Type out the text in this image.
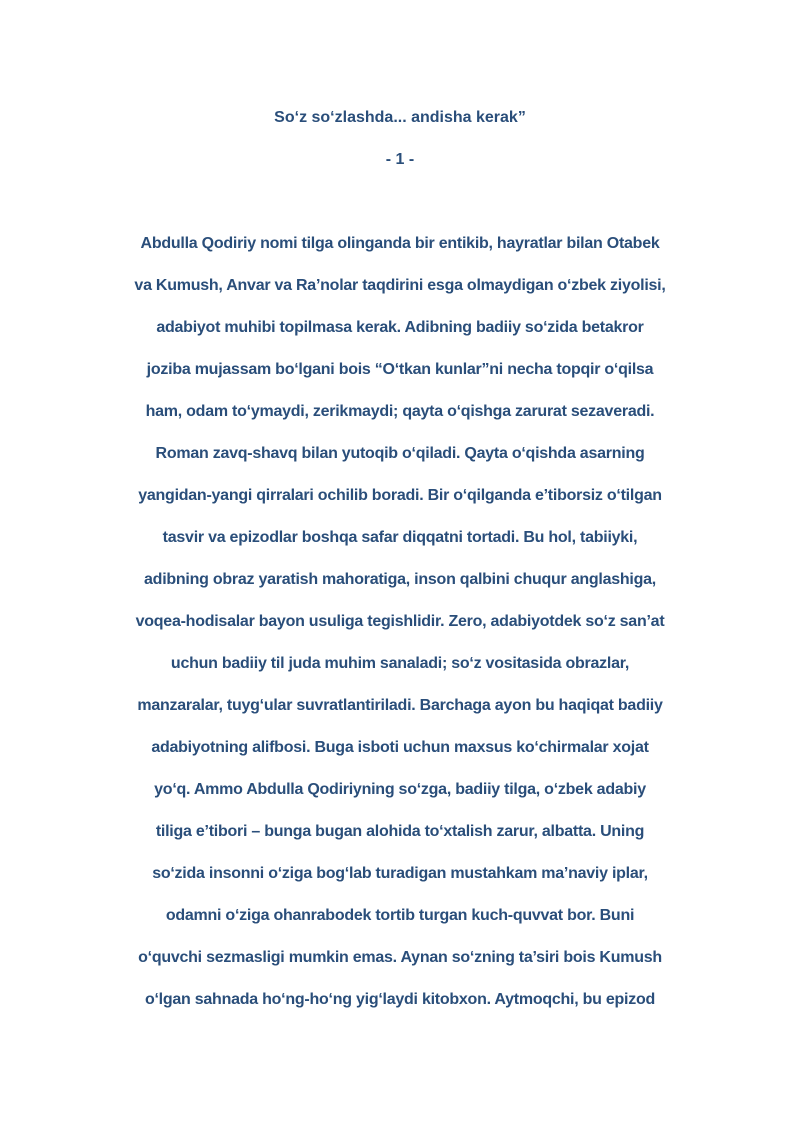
Soʻz soʻzlashda... andisha kerak”
- 1 -
Abdulla Qodiriy nomi tilga olinganda bir entikib, hayratlar bilan Otabek
va Kumush, Anvar va Ra’nolar taqdirini esga olmaydigan oʻzbek ziyolisi,
adabiyot muhibi topilmasa kerak. Adibning badiiy soʻzida betakror
joziba mujassam boʻlgani bois “Oʻtkan kunlar”ni necha topqir oʻqilsa
ham, odam toʻymaydi, zerikmaydi; qayta oʻqishga zarurat sezaveradi.
Roman zavq-shavq bilan yutoqib oʻqiladi. Qayta oʻqishda asarning
yangidan-yangi qirralari ochilib boradi. Bir oʻqilganda e’tiborsiz oʻtilgan
tasvir va epizodlar boshqa safar diqqatni tortadi. Bu hol, tabiiyki,
adibning obraz yaratish mahoratiga, inson qalbini chuqur anglashiga,
voqea-hodisalar bayon usuliga tegishlidir. Zero, adabiyotdek soʻz san’at
uchun badiiy til juda muhim sanaladi; soʻz vositasida obrazlar,
manzaralar, tuygʻular suvratlantiriladi. Barchaga ayon bu haqiqat badiiy
adabiyotning alifbosi. Buga isboti uchun maxsus koʻchirmalar xojat
yoʻq. Ammo Abdulla Qodiriyning soʻzga, badiiy tilga, oʻzbek adabiy
tiliga e’tibori – bunga bugan alohida toʻxtalish zarur, albatta. Uning
soʻzida insonni oʻziga bogʻlab turadigan mustahkam ma’naviy iplar,
odamni oʻziga ohanrabodek tortib turgan kuch-quvvat bor. Buni
oʻquvchi sezmasligi mumkin emas. Aynan soʻzning ta’siri bois Kumush
oʻlgan sahnada hoʻng-hoʻng yigʻlaydi kitobxon. Aytmoqchi, bu epizod
